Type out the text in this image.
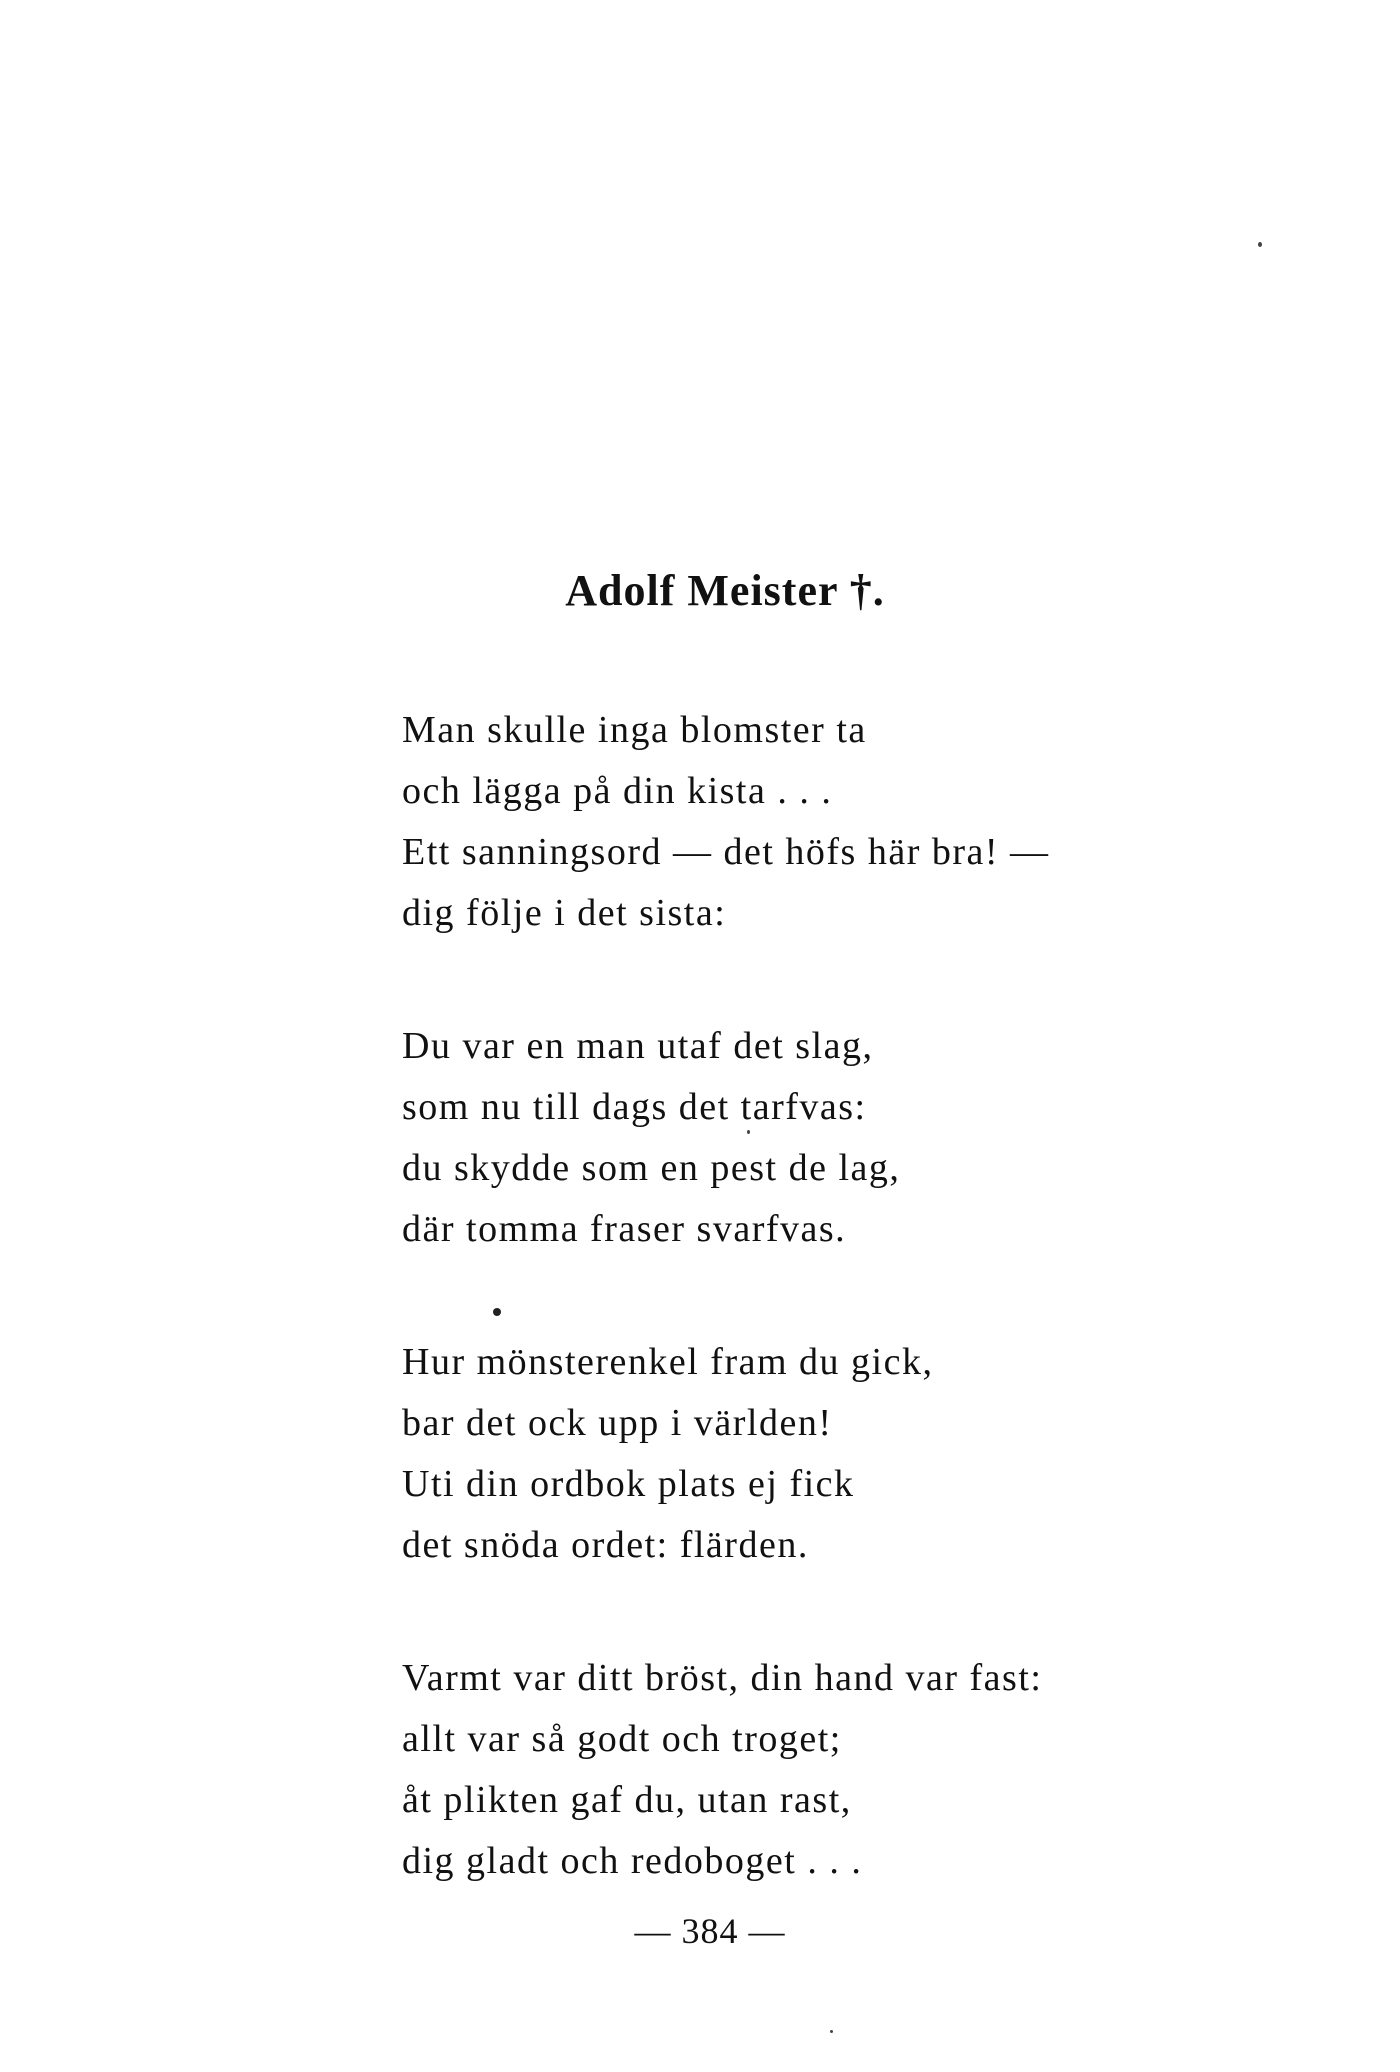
Adolf Meister †.
Man skulle inga blomster ta
och lägga på din kista . . .
Ett sanningsord — det höfs här bra! —
dig följe i det sista:
Du var en man utaf det slag,
som nu till dags det tarfvas:
du skydde som en pest de lag,
där tomma fraser svarfvas.
Hur mönsterenkel fram du gick,
bar det ock upp i världen!
Uti din ordbok plats ej fick
det snöda ordet: flärden.
Varmt var ditt bröst, din hand var fast:
allt var så godt och troget;
åt plikten gaf du, utan rast,
dig gladt och redoboget . . .
— 384 —
